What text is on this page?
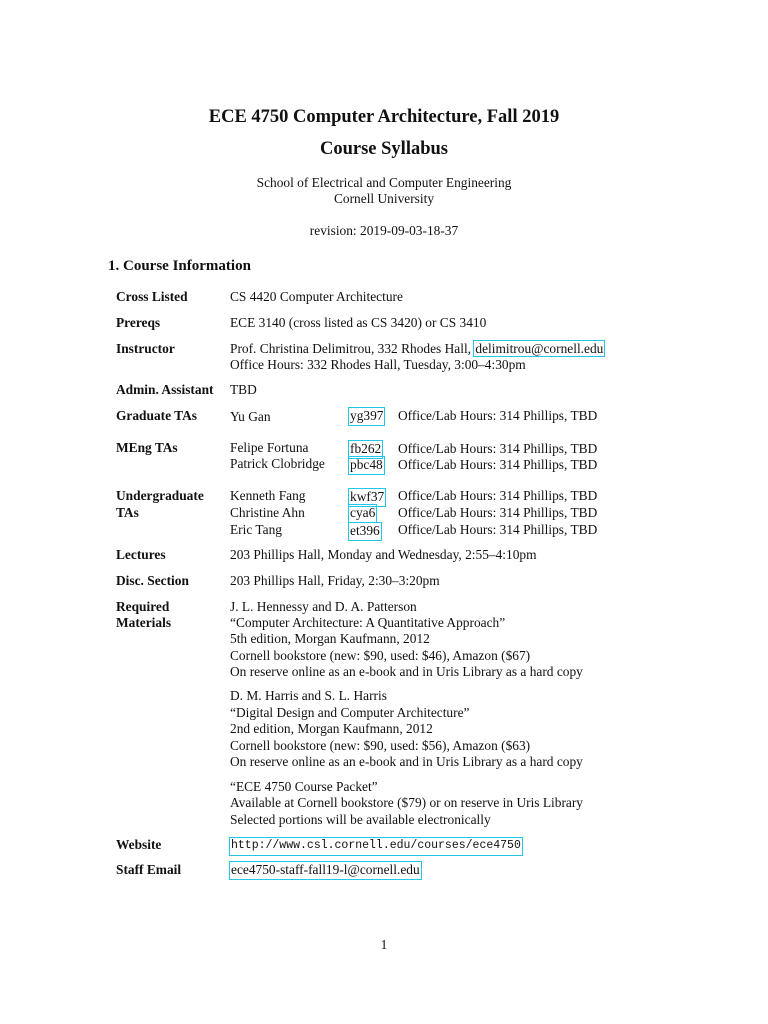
ECE 4750 Computer Architecture, Fall 2019
Course Syllabus
School of Electrical and Computer Engineering
Cornell University
revision: 2019-09-03-18-37
1. Course Information
Cross Listed	CS 4420 Computer Architecture
Prereqs	ECE 3140 (cross listed as CS 3420) or CS 3410
Instructor	Prof. Christina Delimitrou, 332 Rhodes Hall, delimitrou@cornell.edu
Office Hours: 332 Rhodes Hall, Tuesday, 3:00–4:30pm
Admin. Assistant	TBD
Graduate TAs	Yu Gan	yg397 Office/Lab Hours: 314 Phillips, TBD
MEng TAs	Felipe Fortuna	fb262 Office/Lab Hours: 314 Phillips, TBD
Patrick Clobridge pbc48 Office/Lab Hours: 314 Phillips, TBD
Undergraduate	Kenneth Fang	kwf37 Office/Lab Hours: 314 Phillips, TBD
TAs	Christine Ahn	cya6 Office/Lab Hours: 314 Phillips, TBD
Eric Tang	et396 Office/Lab Hours: 314 Phillips, TBD
Lectures	203 Phillips Hall, Monday and Wednesday, 2:55–4:10pm
Disc. Section	203 Phillips Hall, Friday, 2:30–3:20pm
Required	J. L. Hennessy and D. A. Patterson
Materials	“Computer Architecture: A Quantitative Approach”
5th edition, Morgan Kaufmann, 2012
Cornell bookstore (new: $90, used: $46), Amazon ($67)
On reserve online as an e-book and in Uris Library as a hard copy
D. M. Harris and S. L. Harris
“Digital Design and Computer Architecture”
2nd edition, Morgan Kaufmann, 2012
Cornell bookstore (new: $90, used: $56), Amazon ($63)
On reserve online as an e-book and in Uris Library as a hard copy
“ECE 4750 Course Packet”
Available at Cornell bookstore ($79) or on reserve in Uris Library
Selected portions will be available electronically
Website	http://www.csl.cornell.edu/courses/ece4750
Staff Email	ece4750-staff-fall19-l@cornell.edu
1
